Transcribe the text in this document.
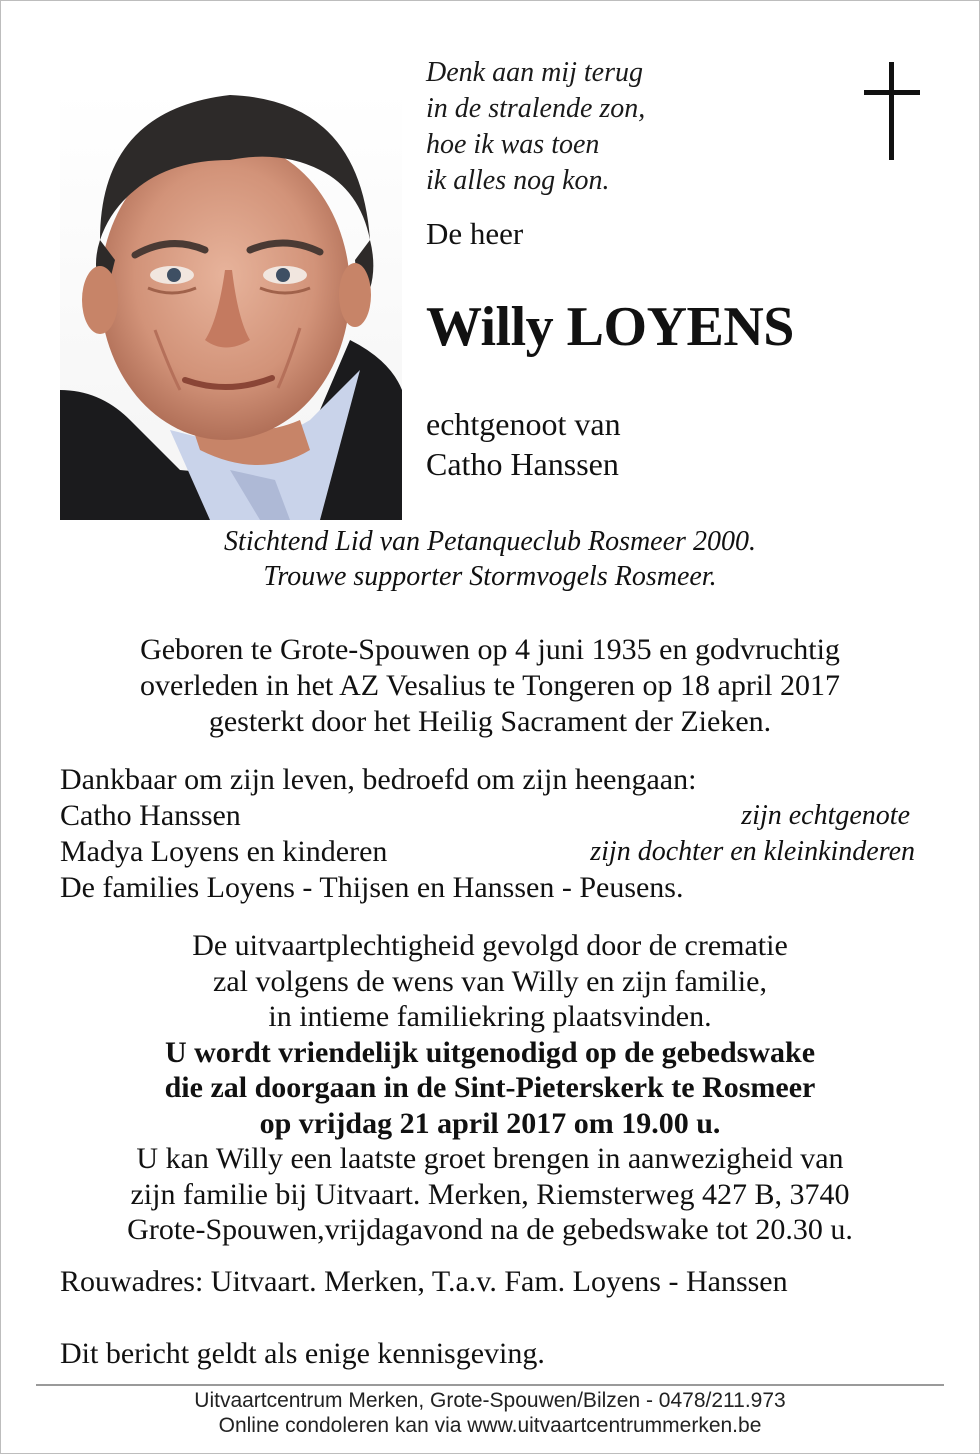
Denk aan mij terug
in de stralende zon,
hoe ik was toen
ik alles nog kon.
De heer
Willy LOYENS
echtgenoot van
Catho Hanssen
Stichtend Lid van Petanqueclub Rosmeer 2000.
Trouwe supporter Stormvogels Rosmeer.
Geboren te Grote-Spouwen op 4 juni 1935 en godvruchtig
overleden in het AZ Vesalius te Tongeren op 18 april 2017
gesterkt door het Heilig Sacrament der Zieken.
Dankbaar om zijn leven, bedroefd om zijn heengaan:
Catho Hanssen	zijn echtgenote
Madya Loyens en kinderen	zijn dochter en kleinkinderen
De families Loyens - Thijsen en Hanssen - Peusens.
De uitvaartplechtigheid gevolgd door de crematie
zal volgens de wens van Willy en zijn familie,
in intieme familiekring plaatsvinden.
U wordt vriendelijk uitgenodigd op de gebedswake
die zal doorgaan in de Sint-Pieterskerk te Rosmeer
op vrijdag 21 april 2017 om 19.00 u.
U kan Willy een laatste groet brengen in aanwezigheid van
zijn familie bij Uitvaart. Merken, Riemsterweg 427 B, 3740
Grote-Spouwen,vrijdagavond na de gebedswake tot 20.30 u.
Rouwadres: Uitvaart. Merken, T.a.v. Fam. Loyens - Hanssen
Dit bericht geldt als enige kennisgeving.
Uitvaartcentrum Merken, Grote-Spouwen/Bilzen - 0478/211.973
Online condoleren kan via www.uitvaartcentrummerken.be
